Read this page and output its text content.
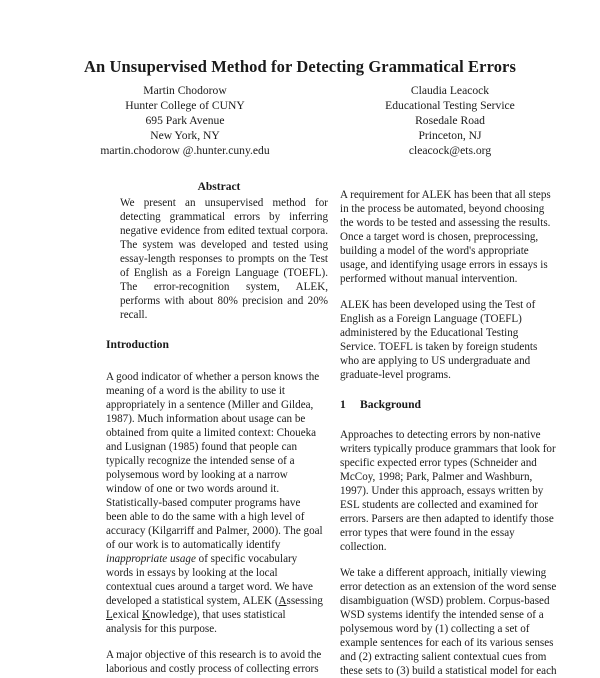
An Unsupervised Method for Detecting Grammatical Errors
Martin Chodorow
Hunter College of CUNY
695 Park Avenue
New York, NY
martin.chodorow @.hunter.cuny.edu
Claudia Leacock
Educational Testing Service
Rosedale Road
Princeton, NJ
cleacock@ets.org
Abstract

We present an unsupervised method for detecting grammatical errors by inferring negative evidence from edited textual corpora. The system was developed and tested using essay-length responses to prompts on the Test of English as a Foreign Language (TOEFL). The error-recognition system, ALEK, performs with about 80% precision and 20% recall.

Introduction

A good indicator of whether a person knows the
meaning of a word is the ability to use it
appropriately in a sentence (Miller and Gildea,
1987). Much information about usage can be
obtained from quite a limited context: Choueka
and Lusignan (1985) found that people can
typically recognize the intended sense of a
polysemous word by looking at a narrow
window of one or two words around it.
Statistically-based computer programs have
been able to do the same with a high level of
accuracy (Kilgarriff and Palmer, 2000). The goal
of our work is to automatically identify
inappropriate usage of specific vocabulary
words in essays by looking at the local
contextual cues around a target word. We have
developed a statistical system, ALEK (Assessing
Lexical Knowledge), that uses statistical
analysis for this purpose.

A major objective of this research is to avoid the
laborious and costly process of collecting errors

A requirement for ALEK has been that all steps
in the process be automated, beyond choosing
the words to be tested and assessing the results.
Once a target word is chosen, preprocessing,
building a model of the word's appropriate
usage, and identifying usage errors in essays is
performed without manual intervention.

ALEK has been developed using the Test of
English as a Foreign Language (TOEFL)
administered by the Educational Testing
Service. TOEFL is taken by foreign students
who are applying to US undergraduate and
graduate-level programs.

1 Background

Approaches to detecting errors by non-native
writers typically produce grammars that look for
specific expected error types (Schneider and
McCoy, 1998; Park, Palmer and Washburn,
1997). Under this approach, essays written by
ESL students are collected and examined for
errors. Parsers are then adapted to identify those
error types that were found in the essay
collection.

We take a different approach, initially viewing
error detection as an extension of the word sense
disambiguation (WSD) problem. Corpus-based
WSD systems identify the intended sense of a
polysemous word by (1) collecting a set of
example sentences for each of its various senses
and (2) extracting salient contextual cues from
these sets to (3) build a statistical model for each
